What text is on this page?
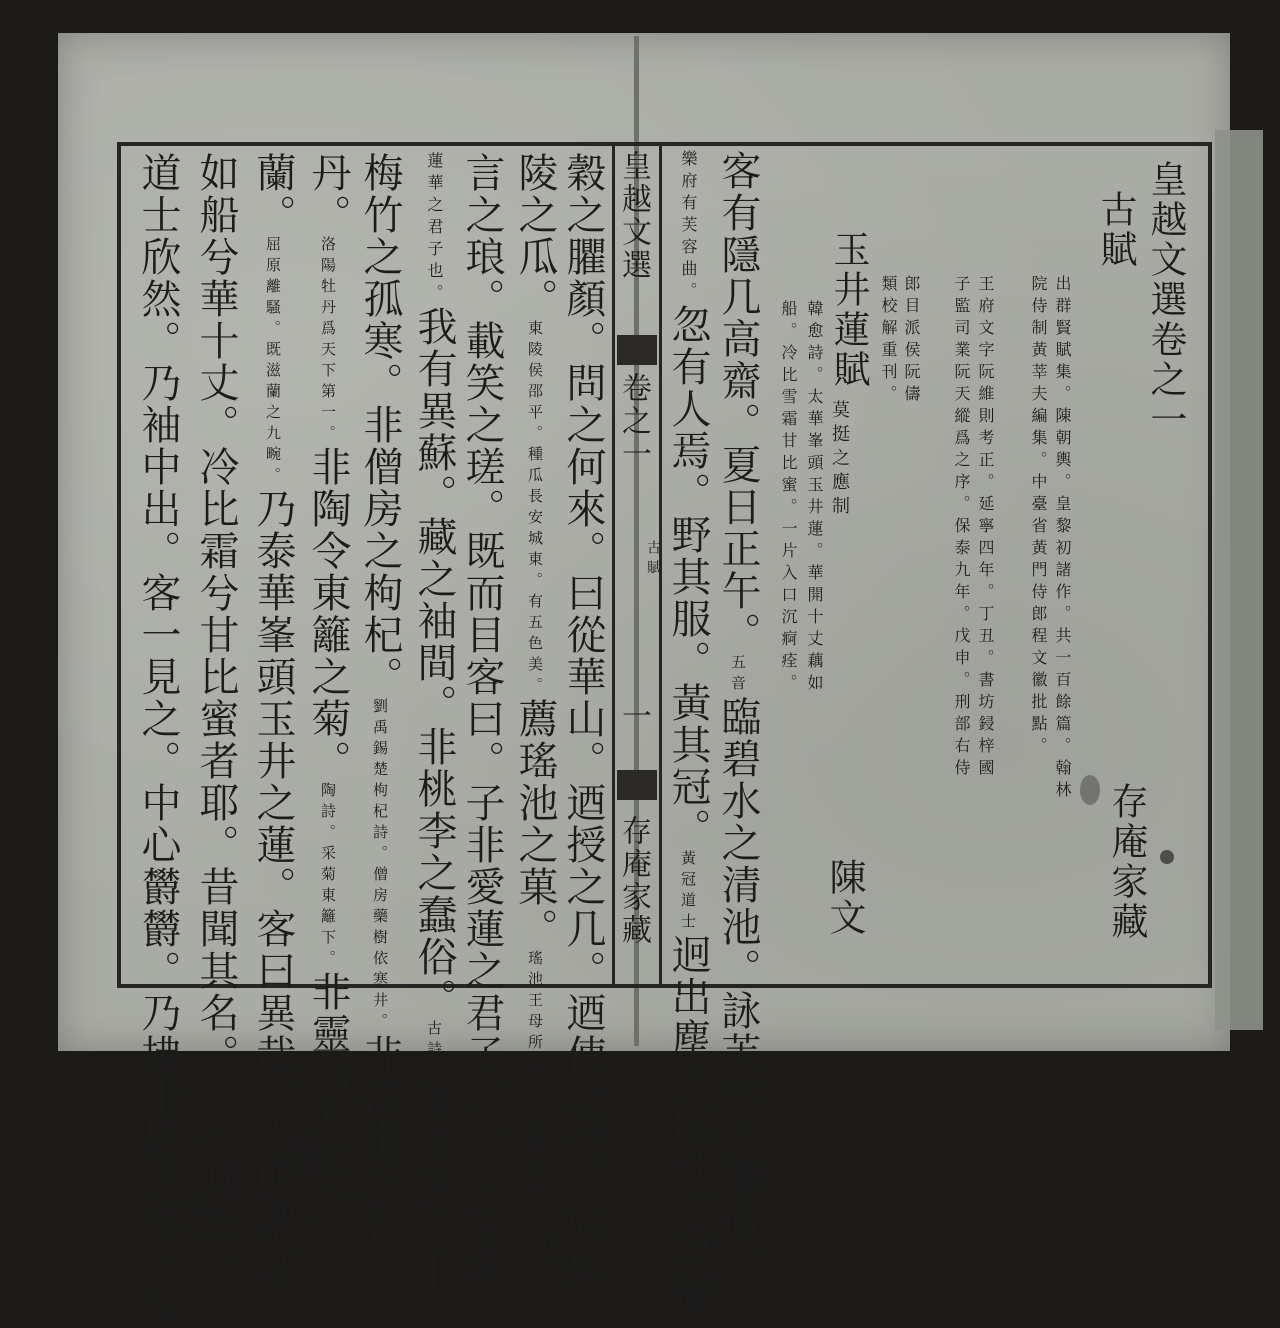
皇越文選
卷之一
古賦
一
存庵家藏
皇越文選卷之一
存庵家藏
古賦
出群賢賦集。陳朝輿。皇黎初諸作。共一百餘篇。翰林
院侍制黃莘夫編集。中臺省黃門侍郎程文徽批點。
王府文字阮維則考正。延寧四年。丁丑。書坊鋟梓國
子監司業阮天縱爲之序。保泰九年。戊申。刑部右侍
郎目派侯阮儔
類校解重刊。
玉井蓮賦
莫挺之應制
陳文
韓愈詩。太華峯頭玉井蓮。華開十丈藕如
船。冷比雪霜甘比蜜。一片入口沉痾痊。
客有隱几高齋。夏日正午。五音臨碧水之清池。詠芙容之樂府。
樂府有芙容曲。忽有人焉。野其服。黃其冠。黃冠道士迥出塵之僊骨。凜辟
穀之臞顏。問之何來。曰從華山。迺授之几。迺使之坐。破東
陵之瓜。東陵侯邵平。種瓜長安城東。有五色美。薦瑤池之菓。瑤池王母所居。以桃與武帝。載
言之琅。載笑之瑳。既而目客曰。子非愛蓮之君子耶。周茂叔愛蓮說。
蓮華之君子也。我有異蘇。藏之袖間。非桃李之蠢俗。古詩。桃李漫山總麤俗。非
梅竹之孤寒。非僧房之枸杞。劉禹錫楚枸杞詩。僧房藥樹依寒井。非洛土之牡
丹。洛陽牡丹爲天下第一。非陶令東籬之菊。陶詩。采菊東籬下。非靈均九畹之
蘭。屈原離騷。既滋蘭之九畹。乃泰華峯頭玉井之蓮。客曰異哉。豈所謂藕
如船兮華十丈。冷比霜兮甘比蜜者耶。昔聞其名。今得其實。
道士欣然。乃袖中出。客一見之。中心欝欝。乃拂十樣之箋。韓浦
